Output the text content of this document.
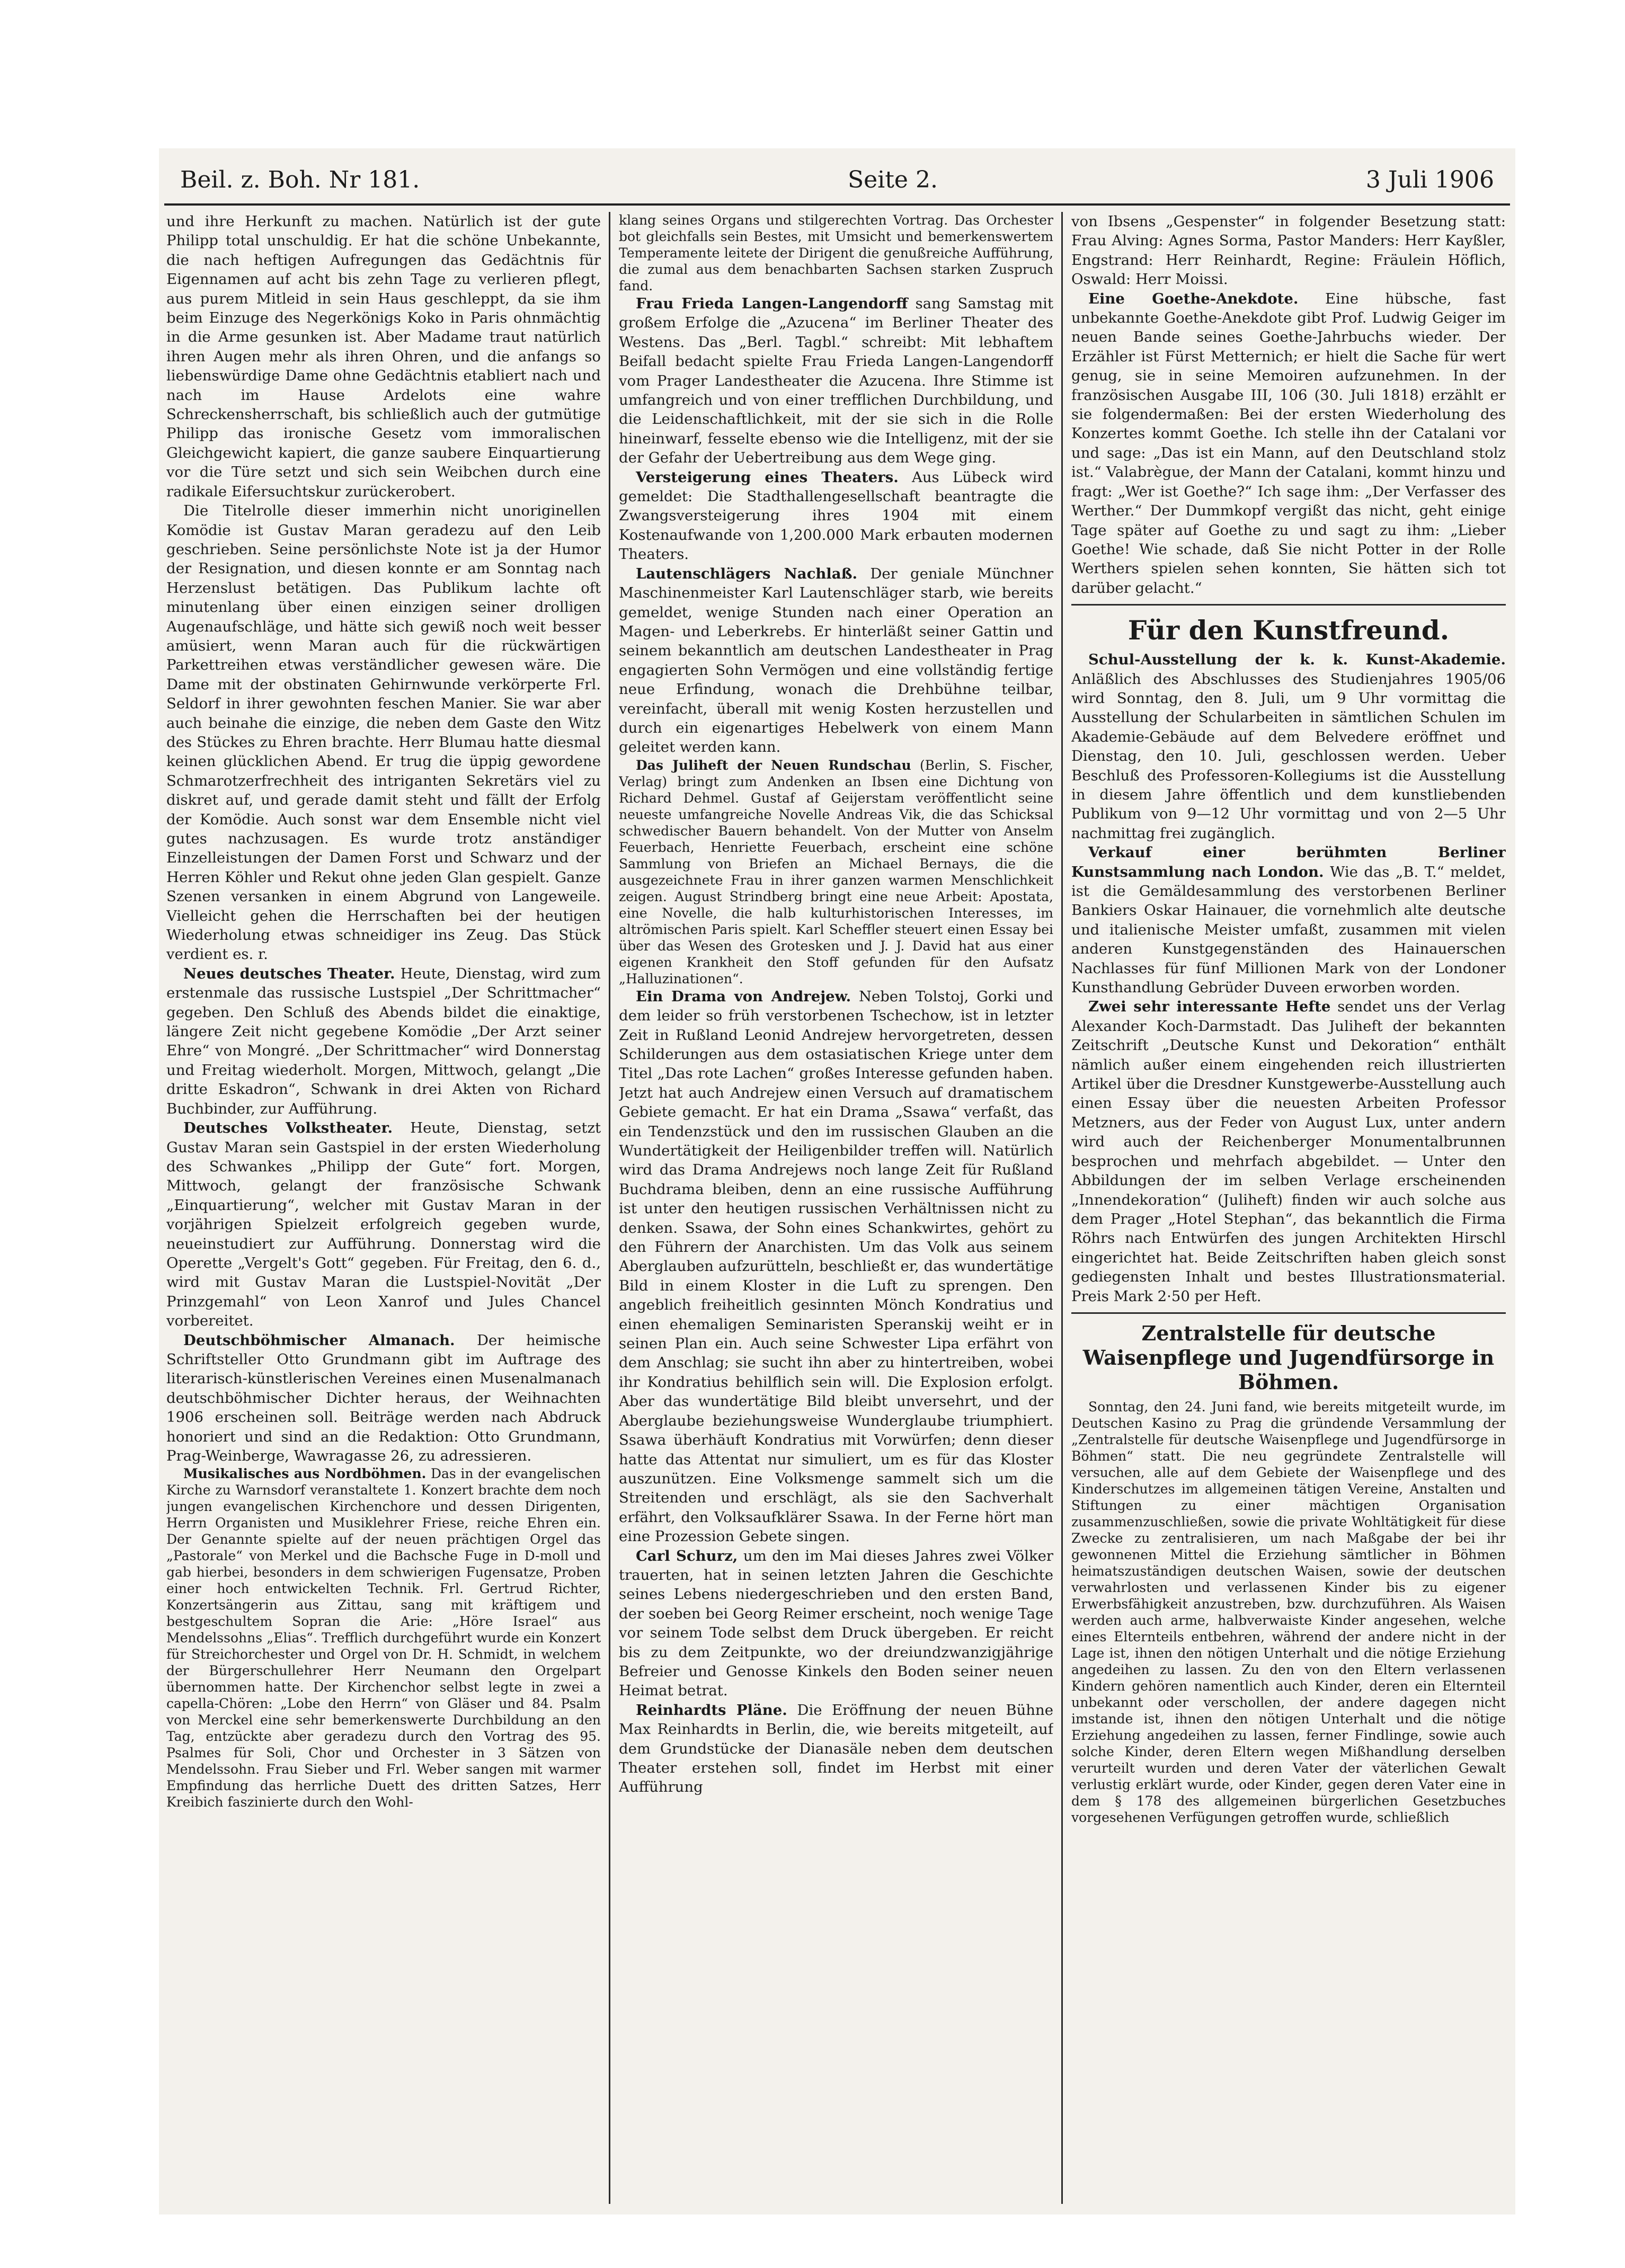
Beil. z. Boh. Nr 181.	Seite 2.	3 Juli 1906

und ihre Herkunft zu machen. Natürlich ist der gute Philipp total unschuldig. Er hat die schöne Unbekannte, die nach heftigen Aufregungen das Gedächtnis für Eigennamen auf acht bis zehn Tage zu verlieren pflegt, aus purem Mitleid in sein Haus geschleppt, da sie ihm beim Einzuge des Negerkönigs Koko in Paris ohnmächtig in die Arme gesunken ist. Aber Madame traut natürlich ihren Augen mehr als ihren Ohren, und die anfangs so liebenswürdige Dame ohne Gedächtnis etabliert nach und nach im Hause Ardelots eine wahre Schreckensherrschaft, bis schließlich auch der gutmütige Philipp das ironische Gesetz vom immoralischen Gleichgewicht kapiert, die ganze saubere Einquartierung vor die Türe setzt und sich sein Weibchen durch eine radikale Eifersuchtskur zurückerobert.

Die Titelrolle dieser immerhin nicht unoriginellen Komödie ist Gustav Maran geradezu auf den Leib geschrieben. Seine persönlichste Note ist ja der Humor der Resignation, und diesen konnte er am Sonntag nach Herzenslust betätigen. Das Publikum lachte oft minutenlang über einen einzigen seiner drolligen Augenaufschläge, und hätte sich gewiß noch weit besser amüsiert, wenn Maran auch für die rückwärtigen Parkettreihen etwas verständlicher gewesen wäre. Die Dame mit der obstinaten Gehirnwunde verkörperte Frl. Seldorf in ihrer gewohnten feschen Manier. Sie war aber auch beinahe die einzige, die neben dem Gaste den Witz des Stückes zu Ehren brachte. Herr Blumau hatte diesmal keinen glücklichen Abend. Er trug die üppig gewordene Schmarotzerfrechheit des intriganten Sekretärs viel zu diskret auf, und gerade damit steht und fällt der Erfolg der Komödie. Auch sonst war dem Ensemble nicht viel gutes nachzusagen. Es wurde trotz anständiger Einzelleistungen der Damen Forst und Schwarz und der Herren Köhler und Rekut ohne jeden Glan gespielt. Ganze Szenen versanken in einem Abgrund von Langeweile. Vielleicht gehen die Herrschaften bei der heutigen Wiederholung etwas schneidiger ins Zeug. Das Stück verdient es. r.

Neues deutsches Theater. Heute, Dienstag, wird zum erstenmale das russische Lustspiel „Der Schrittmacher“ gegeben. Den Schluß des Abends bildet die einaktige, längere Zeit nicht gegebene Komödie „Der Arzt seiner Ehre“ von Mongré. „Der Schrittmacher“ wird Donnerstag und Freitag wiederholt. Morgen, Mittwoch, gelangt „Die dritte Eskadron“, Schwank in drei Akten von Richard Buchbinder, zur Aufführung.

Deutsches Volkstheater. Heute, Dienstag, setzt Gustav Maran sein Gastspiel in der ersten Wiederholung des Schwankes „Philipp der Gute“ fort. Morgen, Mittwoch, gelangt der französische Schwank „Einquartierung“, welcher mit Gustav Maran in der vorjährigen Spielzeit erfolgreich gegeben wurde, neueinstudiert zur Aufführung. Donnerstag wird die Operette „Vergelt's Gott“ gegeben. Für Freitag, den 6. d., wird mit Gustav Maran die Lustspiel-Novität „Der Prinzgemahl“ von Leon Xanrof und Jules Chancel vorbereitet.

Deutschböhmischer Almanach. Der heimische Schriftsteller Otto Grundmann gibt im Auftrage des literarisch-künstlerischen Vereines einen Musenalmanach deutschböhmischer Dichter heraus, der Weihnachten 1906 erscheinen soll. Beiträge werden nach Abdruck honoriert und sind an die Redaktion: Otto Grundmann, Prag-Weinberge, Wawragasse 26, zu adressieren.

Musikalisches aus Nordböhmen. Das in der evangelischen Kirche zu Warnsdorf veranstaltete 1. Konzert brachte dem noch jungen evangelischen Kirchenchore und dessen Dirigenten, Herrn Organisten und Musiklehrer Friese, reiche Ehren ein. Der Genannte spielte auf der neuen prächtigen Orgel das „Pastorale“ von Merkel und die Bachsche Fuge in D-moll und gab hierbei, besonders in dem schwierigen Fugensatze, Proben einer hoch entwickelten Technik. Frl. Gertrud Richter, Konzertsängerin aus Zittau, sang mit kräftigem und bestgeschultem Sopran die Arie: „Höre Israel“ aus Mendelssohns „Elias“. Trefflich durchgeführt wurde ein Konzert für Streichorchester und Orgel von Dr. H. Schmidt, in welchem der Bürgerschullehrer Herr Neumann den Orgelpart übernommen hatte. Der Kirchenchor selbst legte in zwei a capella-Chören: „Lobe den Herrn“ von Gläser und 84. Psalm von Merckel eine sehr bemerkenswerte Durchbildung an den Tag, entzückte aber geradezu durch den Vortrag des 95. Psalmes für Soli, Chor und Orchester in 3 Sätzen von Mendelssohn. Frau Sieber und Frl. Weber sangen mit warmer Empfindung das herrliche Duett des dritten Satzes, Herr Kreibich faszinierte durch den Wohl-

klang seines Organs und stilgerechten Vortrag. Das Orchester bot gleichfalls sein Bestes, mit Umsicht und bemerkenswertem Temperamente leitete der Dirigent die genußreiche Aufführung, die zumal aus dem benachbarten Sachsen starken Zuspruch fand.

Frau Frieda Langen-Langendorff sang Samstag mit großem Erfolge die „Azucena“ im Berliner Theater des Westens. Das „Berl. Tagbl.“ schreibt: Mit lebhaftem Beifall bedacht spielte Frau Frieda Langen-Langendorff vom Prager Landestheater die Azucena. Ihre Stimme ist umfangreich und von einer trefflichen Durchbildung, und die Leidenschaftlichkeit, mit der sie sich in die Rolle hineinwarf, fesselte ebenso wie die Intelligenz, mit der sie der Gefahr der Uebertreibung aus dem Wege ging.

Versteigerung eines Theaters. Aus Lübeck wird gemeldet: Die Stadthallengesellschaft beantragte die Zwangsversteigerung ihres 1904 mit einem Kostenaufwande von 1,200.000 Mark erbauten modernen Theaters.

Lautenschlägers Nachlaß. Der geniale Münchner Maschinenmeister Karl Lautenschläger starb, wie bereits gemeldet, wenige Stunden nach einer Operation an Magen- und Leberkrebs. Er hinterläßt seiner Gattin und seinem bekanntlich am deutschen Landestheater in Prag engagierten Sohn Vermögen und eine vollständig fertige neue Erfindung, wonach die Drehbühne teilbar, vereinfacht, überall mit wenig Kosten herzustellen und durch ein eigenartiges Hebelwerk von einem Mann geleitet werden kann.

Das Juliheft der Neuen Rundschau (Berlin, S. Fischer, Verlag) bringt zum Andenken an Ibsen eine Dichtung von Richard Dehmel. Gustaf af Geijerstam veröffentlicht seine neueste umfangreiche Novelle Andreas Vik, die das Schicksal schwedischer Bauern behandelt. Von der Mutter von Anselm Feuerbach, Henriette Feuerbach, erscheint eine schöne Sammlung von Briefen an Michael Bernays, die die ausgezeichnete Frau in ihrer ganzen warmen Menschlichkeit zeigen. August Strindberg bringt eine neue Arbeit: Apostata, eine Novelle, die halb kulturhistorischen Interesses, im altrömischen Paris spielt. Karl Scheffler steuert einen Essay bei über das Wesen des Grotesken und J. J. David hat aus einer eigenen Krankheit den Stoff gefunden für den Aufsatz „Halluzinationen“.

Ein Drama von Andrejew. Neben Tolstoj, Gorki und dem leider so früh verstorbenen Tschechow, ist in letzter Zeit in Rußland Leonid Andrejew hervorgetreten, dessen Schilderungen aus dem ostasiatischen Kriege unter dem Titel „Das rote Lachen“ großes Interesse gefunden haben. Jetzt hat auch Andrejew einen Versuch auf dramatischem Gebiete gemacht. Er hat ein Drama „Ssawa“ verfaßt, das ein Tendenzstück und den im russischen Glauben an die Wundertätigkeit der Heiligenbilder treffen will. Natürlich wird das Drama Andrejews noch lange Zeit für Rußland Buchdrama bleiben, denn an eine russische Aufführung ist unter den heutigen russischen Verhältnissen nicht zu denken. Ssawa, der Sohn eines Schankwirtes, gehört zu den Führern der Anarchisten. Um das Volk aus seinem Aberglauben aufzurütteln, beschließt er, das wundertätige Bild in einem Kloster in die Luft zu sprengen. Den angeblich freiheitlich gesinnten Mönch Kondratius und einen ehemaligen Seminaristen Speranskij weiht er in seinen Plan ein. Auch seine Schwester Lipa erfährt von dem Anschlag; sie sucht ihn aber zu hintertreiben, wobei ihr Kondratius behilflich sein will. Die Explosion erfolgt. Aber das wundertätige Bild bleibt unversehrt, und der Aberglaube beziehungsweise Wunderglaube triumphiert. Ssawa überhäuft Kondratius mit Vorwürfen; denn dieser hatte das Attentat nur simuliert, um es für das Kloster auszunützen. Eine Volksmenge sammelt sich um die Streitenden und erschlägt, als sie den Sachverhalt erfährt, den Volksaufklärer Ssawa. In der Ferne hört man eine Prozession Gebete singen.

Carl Schurz, um den im Mai dieses Jahres zwei Völker trauerten, hat in seinen letzten Jahren die Geschichte seines Lebens niedergeschrieben und den ersten Band, der soeben bei Georg Reimer erscheint, noch wenige Tage vor seinem Tode selbst dem Druck übergeben. Er reicht bis zu dem Zeitpunkte, wo der dreiundzwanzigjährige Befreier und Genosse Kinkels den Boden seiner neuen Heimat betrat.

Reinhardts Pläne. Die Eröffnung der neuen Bühne Max Reinhardts in Berlin, die, wie bereits mitgeteilt, auf dem Grundstücke der Dianasäle neben dem deutschen Theater erstehen soll, findet im Herbst mit einer Aufführung

von Ibsens „Gespenster“ in folgender Besetzung statt: Frau Alving: Agnes Sorma, Pastor Manders: Herr Kayßler, Engstrand: Herr Reinhardt, Regine: Fräulein Höflich, Oswald: Herr Moissi.

Eine Goethe-Anekdote. Eine hübsche, fast unbekannte Goethe-Anekdote gibt Prof. Ludwig Geiger im neuen Bande seines Goethe-Jahrbuchs wieder. Der Erzähler ist Fürst Metternich; er hielt die Sache für wert genug, sie in seine Memoiren aufzunehmen. In der französischen Ausgabe III, 106 (30. Juli 1818) erzählt er sie folgendermaßen: Bei der ersten Wiederholung des Konzertes kommt Goethe. Ich stelle ihn der Catalani vor und sage: „Das ist ein Mann, auf den Deutschland stolz ist.“ Valabrègue, der Mann der Catalani, kommt hinzu und fragt: „Wer ist Goethe?“ Ich sage ihm: „Der Verfasser des Werther.“ Der Dummkopf vergißt das nicht, geht einige Tage später auf Goethe zu und sagt zu ihm: „Lieber Goethe! Wie schade, daß Sie nicht Potter in der Rolle Werthers spielen sehen konnten, Sie hätten sich tot darüber gelacht.“

Für den Kunstfreund.

Schul-Ausstellung der k. k. Kunst-Akademie. Anläßlich des Abschlusses des Studienjahres 1905/06 wird Sonntag, den 8. Juli, um 9 Uhr vormittag die Ausstellung der Schularbeiten in sämtlichen Schulen im Akademie-Gebäude auf dem Belvedere eröffnet und Dienstag, den 10. Juli, geschlossen werden. Ueber Beschluß des Professoren-Kollegiums ist die Ausstellung in diesem Jahre öffentlich und dem kunstliebenden Publikum von 9—12 Uhr vormittag und von 2—5 Uhr nachmittag frei zugänglich.

Verkauf einer berühmten Berliner Kunstsammlung nach London. Wie das „B. T.“ meldet, ist die Gemäldesammlung des verstorbenen Berliner Bankiers Oskar Hainauer, die vornehmlich alte deutsche und italienische Meister umfaßt, zusammen mit vielen anderen Kunstgegenständen des Hainauerschen Nachlasses für fünf Millionen Mark von der Londoner Kunsthandlung Gebrüder Duveen erworben worden.

Zwei sehr interessante Hefte sendet uns der Verlag Alexander Koch-Darmstadt. Das Juliheft der bekannten Zeitschrift „Deutsche Kunst und Dekoration“ enthält nämlich außer einem eingehenden reich illustrierten Artikel über die Dresdner Kunstgewerbe-Ausstellung auch einen Essay über die neuesten Arbeiten Professor Metzners, aus der Feder von August Lux, unter andern wird auch der Reichenberger Monumentalbrunnen besprochen und mehrfach abgebildet. — Unter den Abbildungen der im selben Verlage erscheinenden „Innendekoration“ (Juliheft) finden wir auch solche aus dem Prager „Hotel Stephan“, das bekanntlich die Firma Röhrs nach Entwürfen des jungen Architekten Hirschl eingerichtet hat. Beide Zeitschriften haben gleich sonst gediegensten Inhalt und bestes Illustrationsmaterial. Preis Mark 2·50 per Heft.

Zentralstelle für deutsche Waisenpflege und Jugendfürsorge in Böhmen.

Sonntag, den 24. Juni fand, wie bereits mitgeteilt wurde, im Deutschen Kasino zu Prag die gründende Versammlung der „Zentralstelle für deutsche Waisenpflege und Jugendfürsorge in Böhmen“ statt. Die neu gegründete Zentralstelle will versuchen, alle auf dem Gebiete der Waisenpflege und des Kinderschutzes im allgemeinen tätigen Vereine, Anstalten und Stiftungen zu einer mächtigen Organisation zusammenzuschließen, sowie die private Wohltätigkeit für diese Zwecke zu zentralisieren, um nach Maßgabe der bei ihr gewonnenen Mittel die Erziehung sämtlicher in Böhmen heimatszuständigen deutschen Waisen, sowie der deutschen verwahrlosten und verlassenen Kinder bis zu eigener Erwerbsfähigkeit anzustreben, bzw. durchzuführen. Als Waisen werden auch arme, halbverwaiste Kinder angesehen, welche eines Elternteils entbehren, während der andere nicht in der Lage ist, ihnen den nötigen Unterhalt und die nötige Erziehung angedeihen zu lassen. Zu den von den Eltern verlassenen Kindern gehören namentlich auch Kinder, deren ein Elternteil unbekannt oder verschollen, der andere dagegen nicht imstande ist, ihnen den nötigen Unterhalt und die nötige Erziehung angedeihen zu lassen, ferner Findlinge, sowie auch solche Kinder, deren Eltern wegen Mißhandlung derselben verurteilt wurden und deren Vater der väterlichen Gewalt verlustig erklärt wurde, oder Kinder, gegen deren Vater eine in dem § 178 des allgemeinen bürgerlichen Gesetzbuches vorgesehenen Verfügungen getroffen wurde, schließlich
